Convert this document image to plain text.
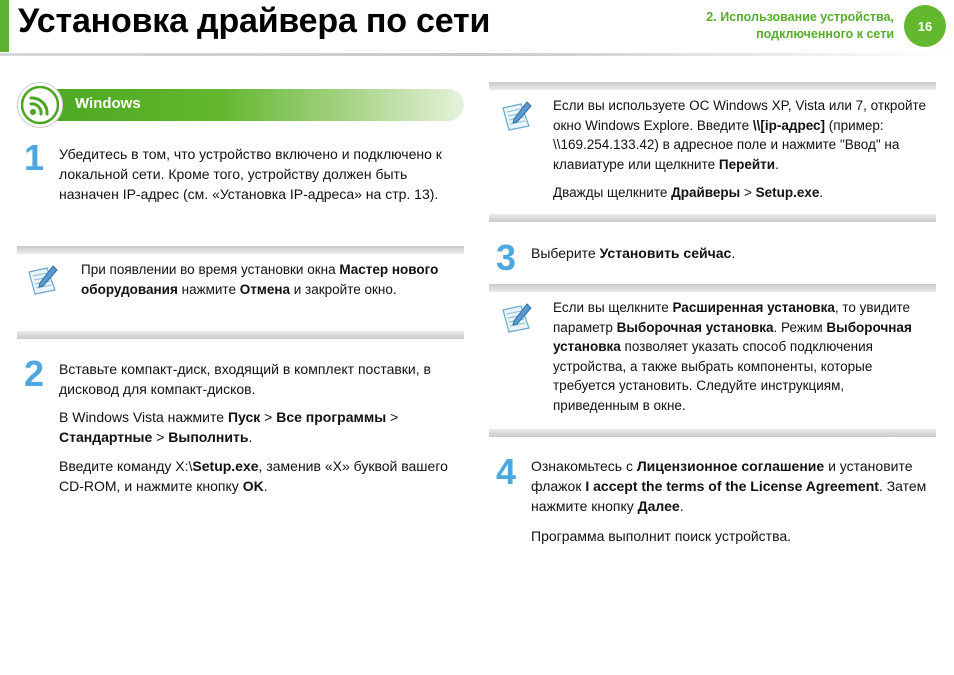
Установка драйвера по сети	2. Использование устройства,
подключенного к сети
16
Windows
1 Убедитесь в том, что устройство включено и подключено к локальной сети. Кроме того, устройству должен быть назначен IP-адрес (см. «Установка IP-адреса» на стр. 13).
При появлении во время установки окна Мастер нового оборудования нажмите Отмена и закройте окно.
2 Вставьте компакт-диск, входящий в комплект поставки, в дисковод для компакт-дисков.
В Windows Vista нажмите Пуск > Все программы >
Стандартные > Выполнить.
Введите команду X:\Setup.exe, заменив «X» буквой вашего CD-ROM, и нажмите кнопку OK.
Если вы используете ОС Windows XP, Vista или 7, откройте окно Windows Explore. Введите \\[ip-адрес] (пример: \\169.254.133.42) в адресное поле и нажмите "Ввод" на клавиатуре или щелкните Перейти.
Дважды щелкните Драйверы > Setup.exe.
3 Выберите Установить сейчас.
Если вы щелкните Расширенная установка, то увидите параметр Выборочная установка. Режим Выборочная установка позволяет указать способ подключения устройства, а также выбрать компоненты, которые требуется установить. Следуйте инструкциям, приведенным в окне.
4 Ознакомьтесь с Лицензионное соглашение и установите флажок I accept the terms of the License Agreement. Затем нажмите кнопку Далее.
Программа выполнит поиск устройства.
